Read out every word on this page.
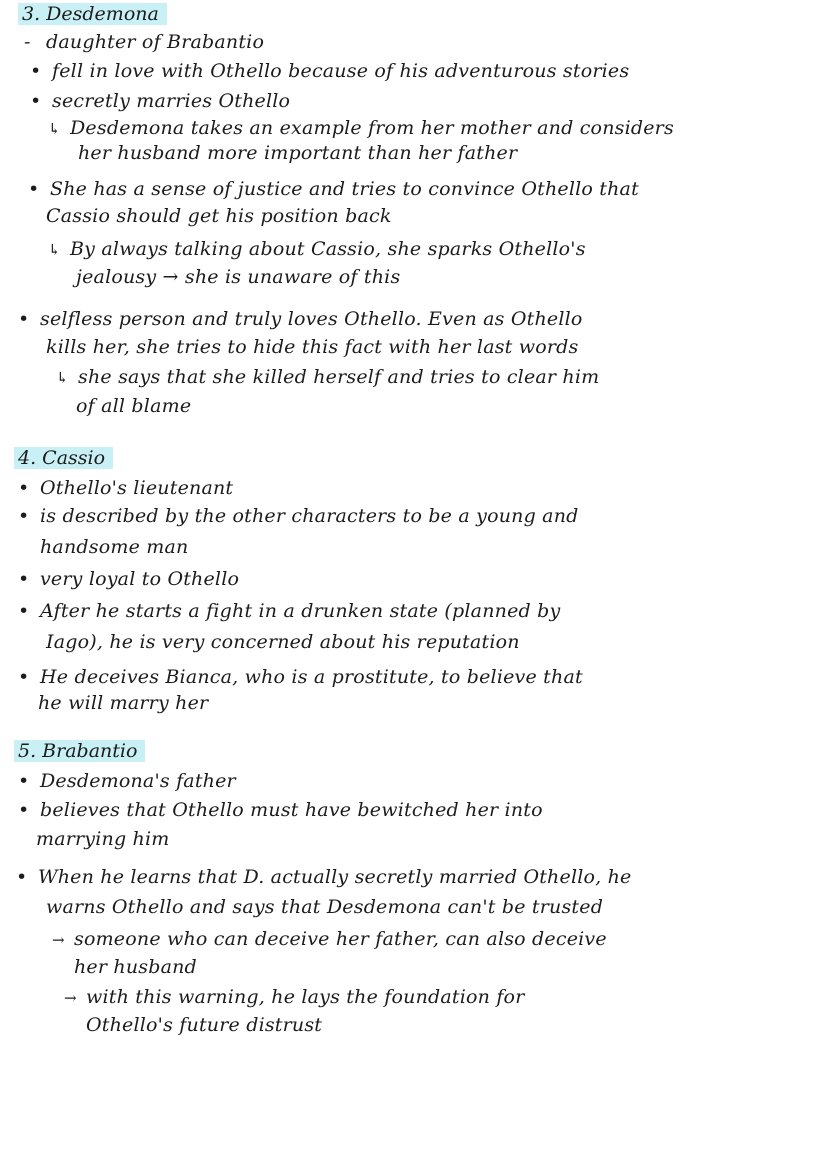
3. Desdemona
- daughter of Brabantio
• fell in love with Othello because of his adventurous stories
• secretly marries Othello
↳ Desdemona takes an example from her mother and considers
her husband more important than her father
• She has a sense of justice and tries to convince Othello that
Cassio should get his position back
↳ By always talking about Cassio, she sparks Othello's
jealousy → she is unaware of this
• selfless person and truly loves Othello. Even as Othello
kills her, she tries to hide this fact with her last words
↳ she says that she killed herself and tries to clear him
of all blame
4. Cassio
• Othello's lieutenant
• is described by the other characters to be a young and
handsome man
• very loyal to Othello
• After he starts a fight in a drunken state (planned by
Iago), he is very concerned about his reputation
• He deceives Bianca, who is a prostitute, to believe that
he will marry her
5. Brabantio
• Desdemona's father
• believes that Othello must have bewitched her into
marrying him
• When he learns that D. actually secretly married Othello, he
warns Othello and says that Desdemona can't be trusted
→ someone who can deceive her father, can also deceive
her husband
→ with this warning, he lays the foundation for
Othello's future distrust
